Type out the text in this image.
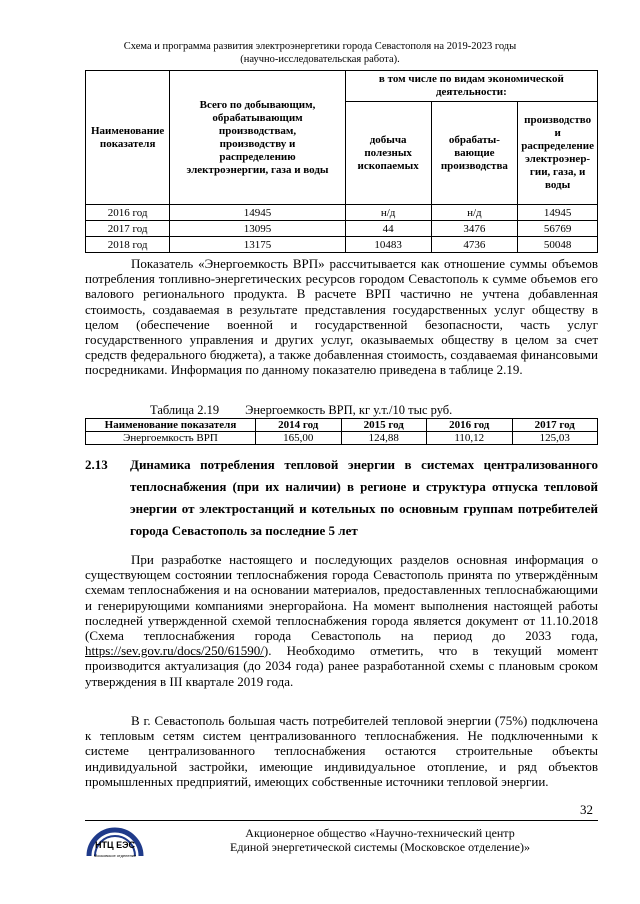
Схема и программа развития электроэнергетики города Севастополя на 2019-2023 годы
(научно-исследовательская работа).
Наименование показателя	Всего по добывающим, обрабатывающим производствам, производству и распределению электроэнергии, газа и воды	в том числе по видам экономической деятельности:		
		добыча полезных ископаемых	обрабаты-вающие производства	производство и распределение электроэнер-гии, газа, и воды
2016 год	14945	н/д	н/д	14945
2017 год	13095	44	3476	56769
2018 год	13175	10483	4736	50048

Показатель «Энергоемкость ВРП» рассчитывается как отношение суммы объемов потребления топливно-энергетических ресурсов городом Севастополь к сумме объемов его валового регионального продукта. В расчете ВРП частично не учтена добавленная стоимость, создаваемая в результате представления государственных услуг обществу в целом (обеспечение военной и государственной безопасности, часть услуг государственного управления и других услуг, оказываемых обществу в целом за счет средств федерального бюджета), а также добавленная стоимость, создаваемая финансовыми посредниками. Информация по данному показателю приведена в таблице 2.19.

Таблица 2.19 Энергоемкость ВРП, кг у.т./10 тыс руб.
Наименование показателя	2014 год	2015 год	2016 год	2017 год
Энергоемкость ВРП	165,00	124,88	110,12	125,03
2.13 Динамика потребления тепловой энергии в системах централизованного теплоснабжения (при их наличии) в регионе и структура отпуска тепловой энергии от электростанций и котельных по основным группам потребителей города Севастополь за последние 5 лет

При разработке настоящего и последующих разделов основная информация о существующем состоянии теплоснабжения города Севастополь принята по утверждённым схемам теплоснабжения и на основании материалов, предоставленных теплоснабжающими и генерирующими компаниями энергорайона. На момент выполнения настоящей работы последней утвержденной схемой теплоснабжения города является документ от 11.10.2018 (Схема теплоснабжения города Севастополь на период до 2033 года, https://sev.gov.ru/docs/250/61590/). Необходимо отметить, что в текущий момент производится актуализация (до 2034 года) ранее разработанной схемы с плановым сроком утверждения в III квартале 2019 года.

В г. Севастополь большая часть потребителей тепловой энергии (75%) подключена к тепловым сетям систем централизованного теплоснабжения. Не подключенными к системе централизованного теплоснабжения остаются строительные объекты индивидуальной застройки, имеющие индивидуальное отопление, и ряд объектов промышленных предприятий, имеющих собственные источники тепловой энергии.

32
НТЦ ЕЭС
Московское отделение
Акционерное общество «Научно-технический центр
Единой энергетической системы (Московское отделение)»
